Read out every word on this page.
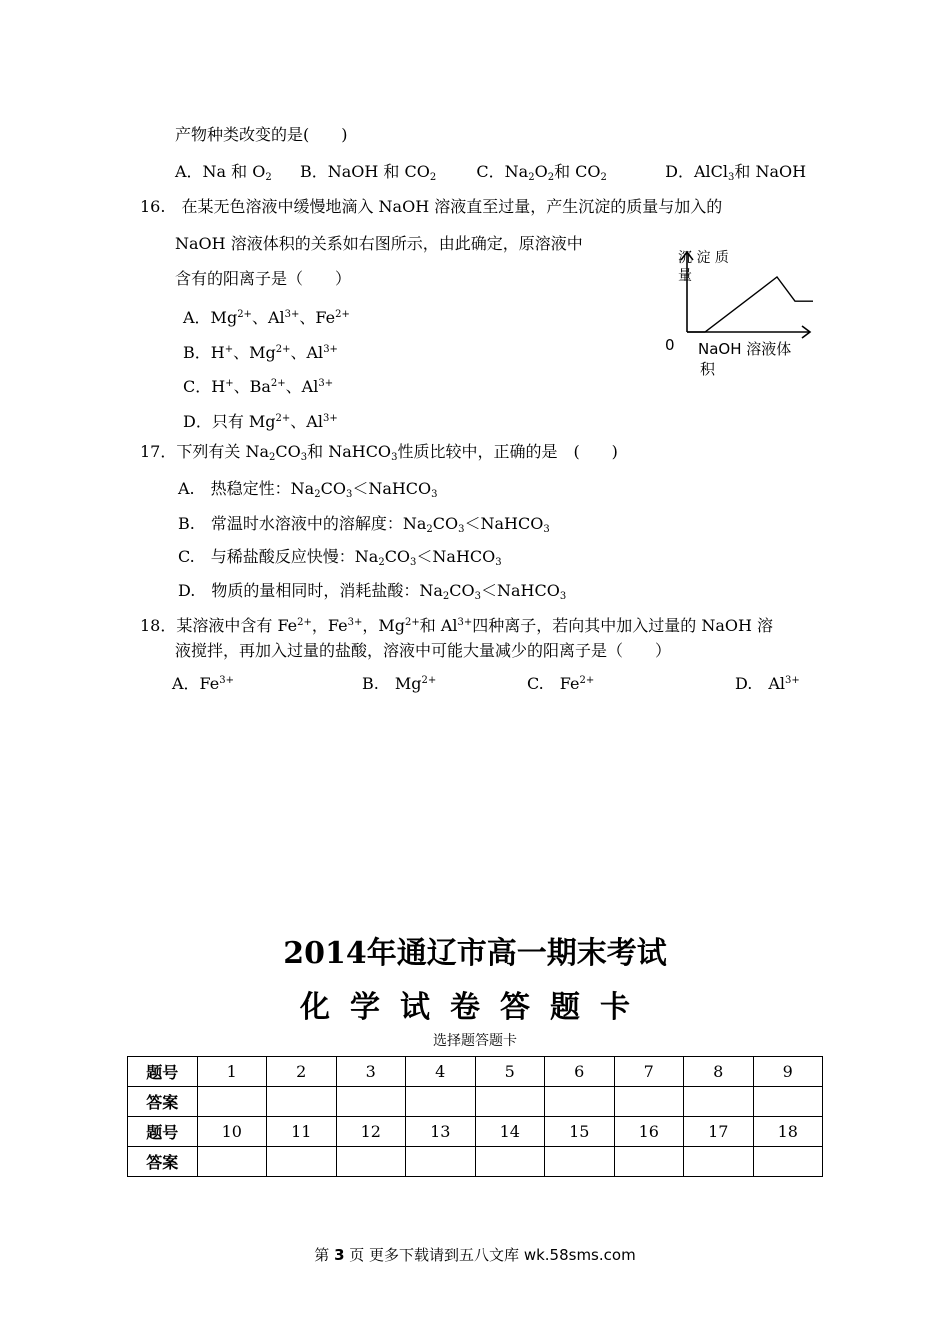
产物种类改变的是(　　)
A．Na 和 $O_2$ B．NaOH 和 $CO_2$	C．$Na_2O_2$和 $CO_2$	D．AlCl$_3$和 NaOH
16.　在某无色溶液中缓慢地滴入 NaOH 溶液直至过量，产生沉淀的质量与加入的
NaOH 溶液体积的关系如右图所示，由此确定，原溶液中
含有的阳离子是（　　）
A．$Mg^{2+}$、$Al^{3+}$、$Fe^{2+}$
B．H+、$Mg^{2+}$、$Al^{3+}$
C．H+、$Ba^{2+}$、$Al^{3+}$
D．只有 $Mg^{2+}$、$Al^{3+}$
沉 淀 质
量
0 NaOH 溶液体
积
17．下列有关 $Na_2CO_3$和 NaHCO$_3$性质比较中，正确的是　(　　)
A.　热稳定性：$Na_2CO_3<NaHCO_3$
B.　常温时水溶液中的溶解度：$Na_2CO_3<NaHCO_3$
C.　与稀盐酸反应快慢：$Na_2CO_3<NaHCO_3$
D.　物质的量相同时，消耗盐酸：$Na_2CO_3<NaHCO_3$
18．某溶液中含有 $Fe^{2+}$，$Fe^{3+}$，$Mg^{2+}$和 $Al^{3+}$四种离子，若向其中加入过量的 NaOH 溶
液搅拌，再加入过量的盐酸，溶液中可能大量减少的阳离子是（　　）
A．$Fe^{3+}$	B.　$Mg^{2+}$	C.　$Fe^{2+}$	D.　$Al^{3+}$
2014年通辽市高一期末考试
化学试卷答题卡
选择题答题卡
题号	1	2	3	4	5	6	7	8	9
答案									
题号	10	11	12	13	14	15	16	17	18
答案									
第 3 页 更多下载请到五八文库 wk.58sms.com
